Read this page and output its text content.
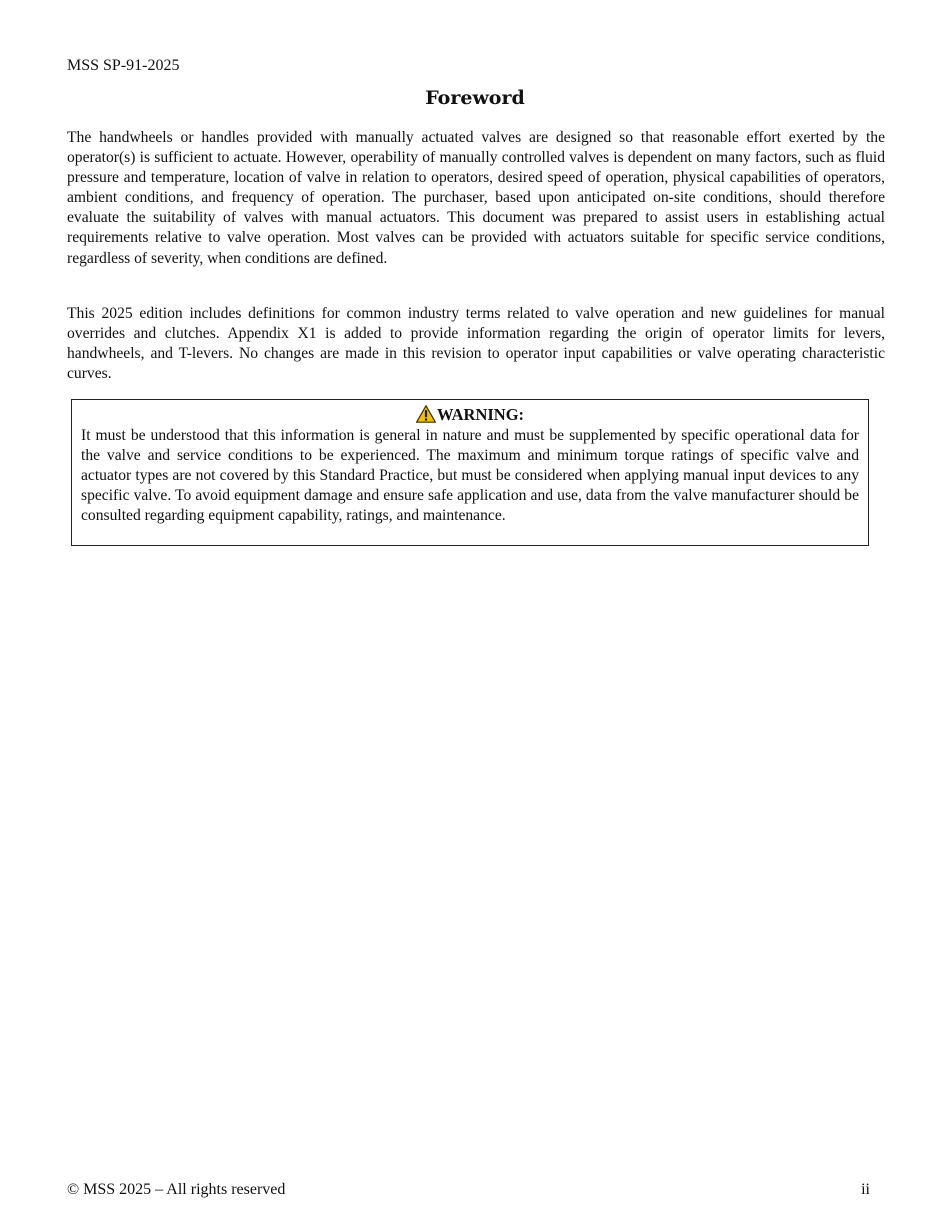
MSS SP-91-2025
Foreword

The handwheels or handles provided with manually actuated valves are designed so that reasonable effort exerted by the operator(s) is sufficient to actuate. However, operability of manually controlled valves is dependent on many factors, such as fluid pressure and temperature, location of valve in relation to operators, desired speed of operation, physical capabilities of operators, ambient conditions, and frequency of operation. The purchaser, based upon anticipated on-site conditions, should therefore evaluate the suitability of valves with manual actuators. This document was prepared to assist users in establishing actual requirements relative to valve operation. Most valves can be provided with actuators suitable for specific service conditions, regardless of severity, when conditions are defined.

This 2025 edition includes definitions for common industry terms related to valve operation and new guidelines for manual overrides and clutches. Appendix X1 is added to provide information regarding the origin of operator limits for levers, handwheels, and T-levers. No changes are made in this revision to operator input capabilities or valve operating characteristic curves.

WARNING:

It must be understood that this information is general in nature and must be supplemented by specific operational data for the valve and service conditions to be experienced. The maximum and minimum torque ratings of specific valve and actuator types are not covered by this Standard Practice, but must be considered when applying manual input devices to any specific valve. To avoid equipment damage and ensure safe application and use, data from the valve manufacturer should be consulted regarding equipment capability, ratings, and maintenance.

© MSS 2025 – All rights reserved	ii
